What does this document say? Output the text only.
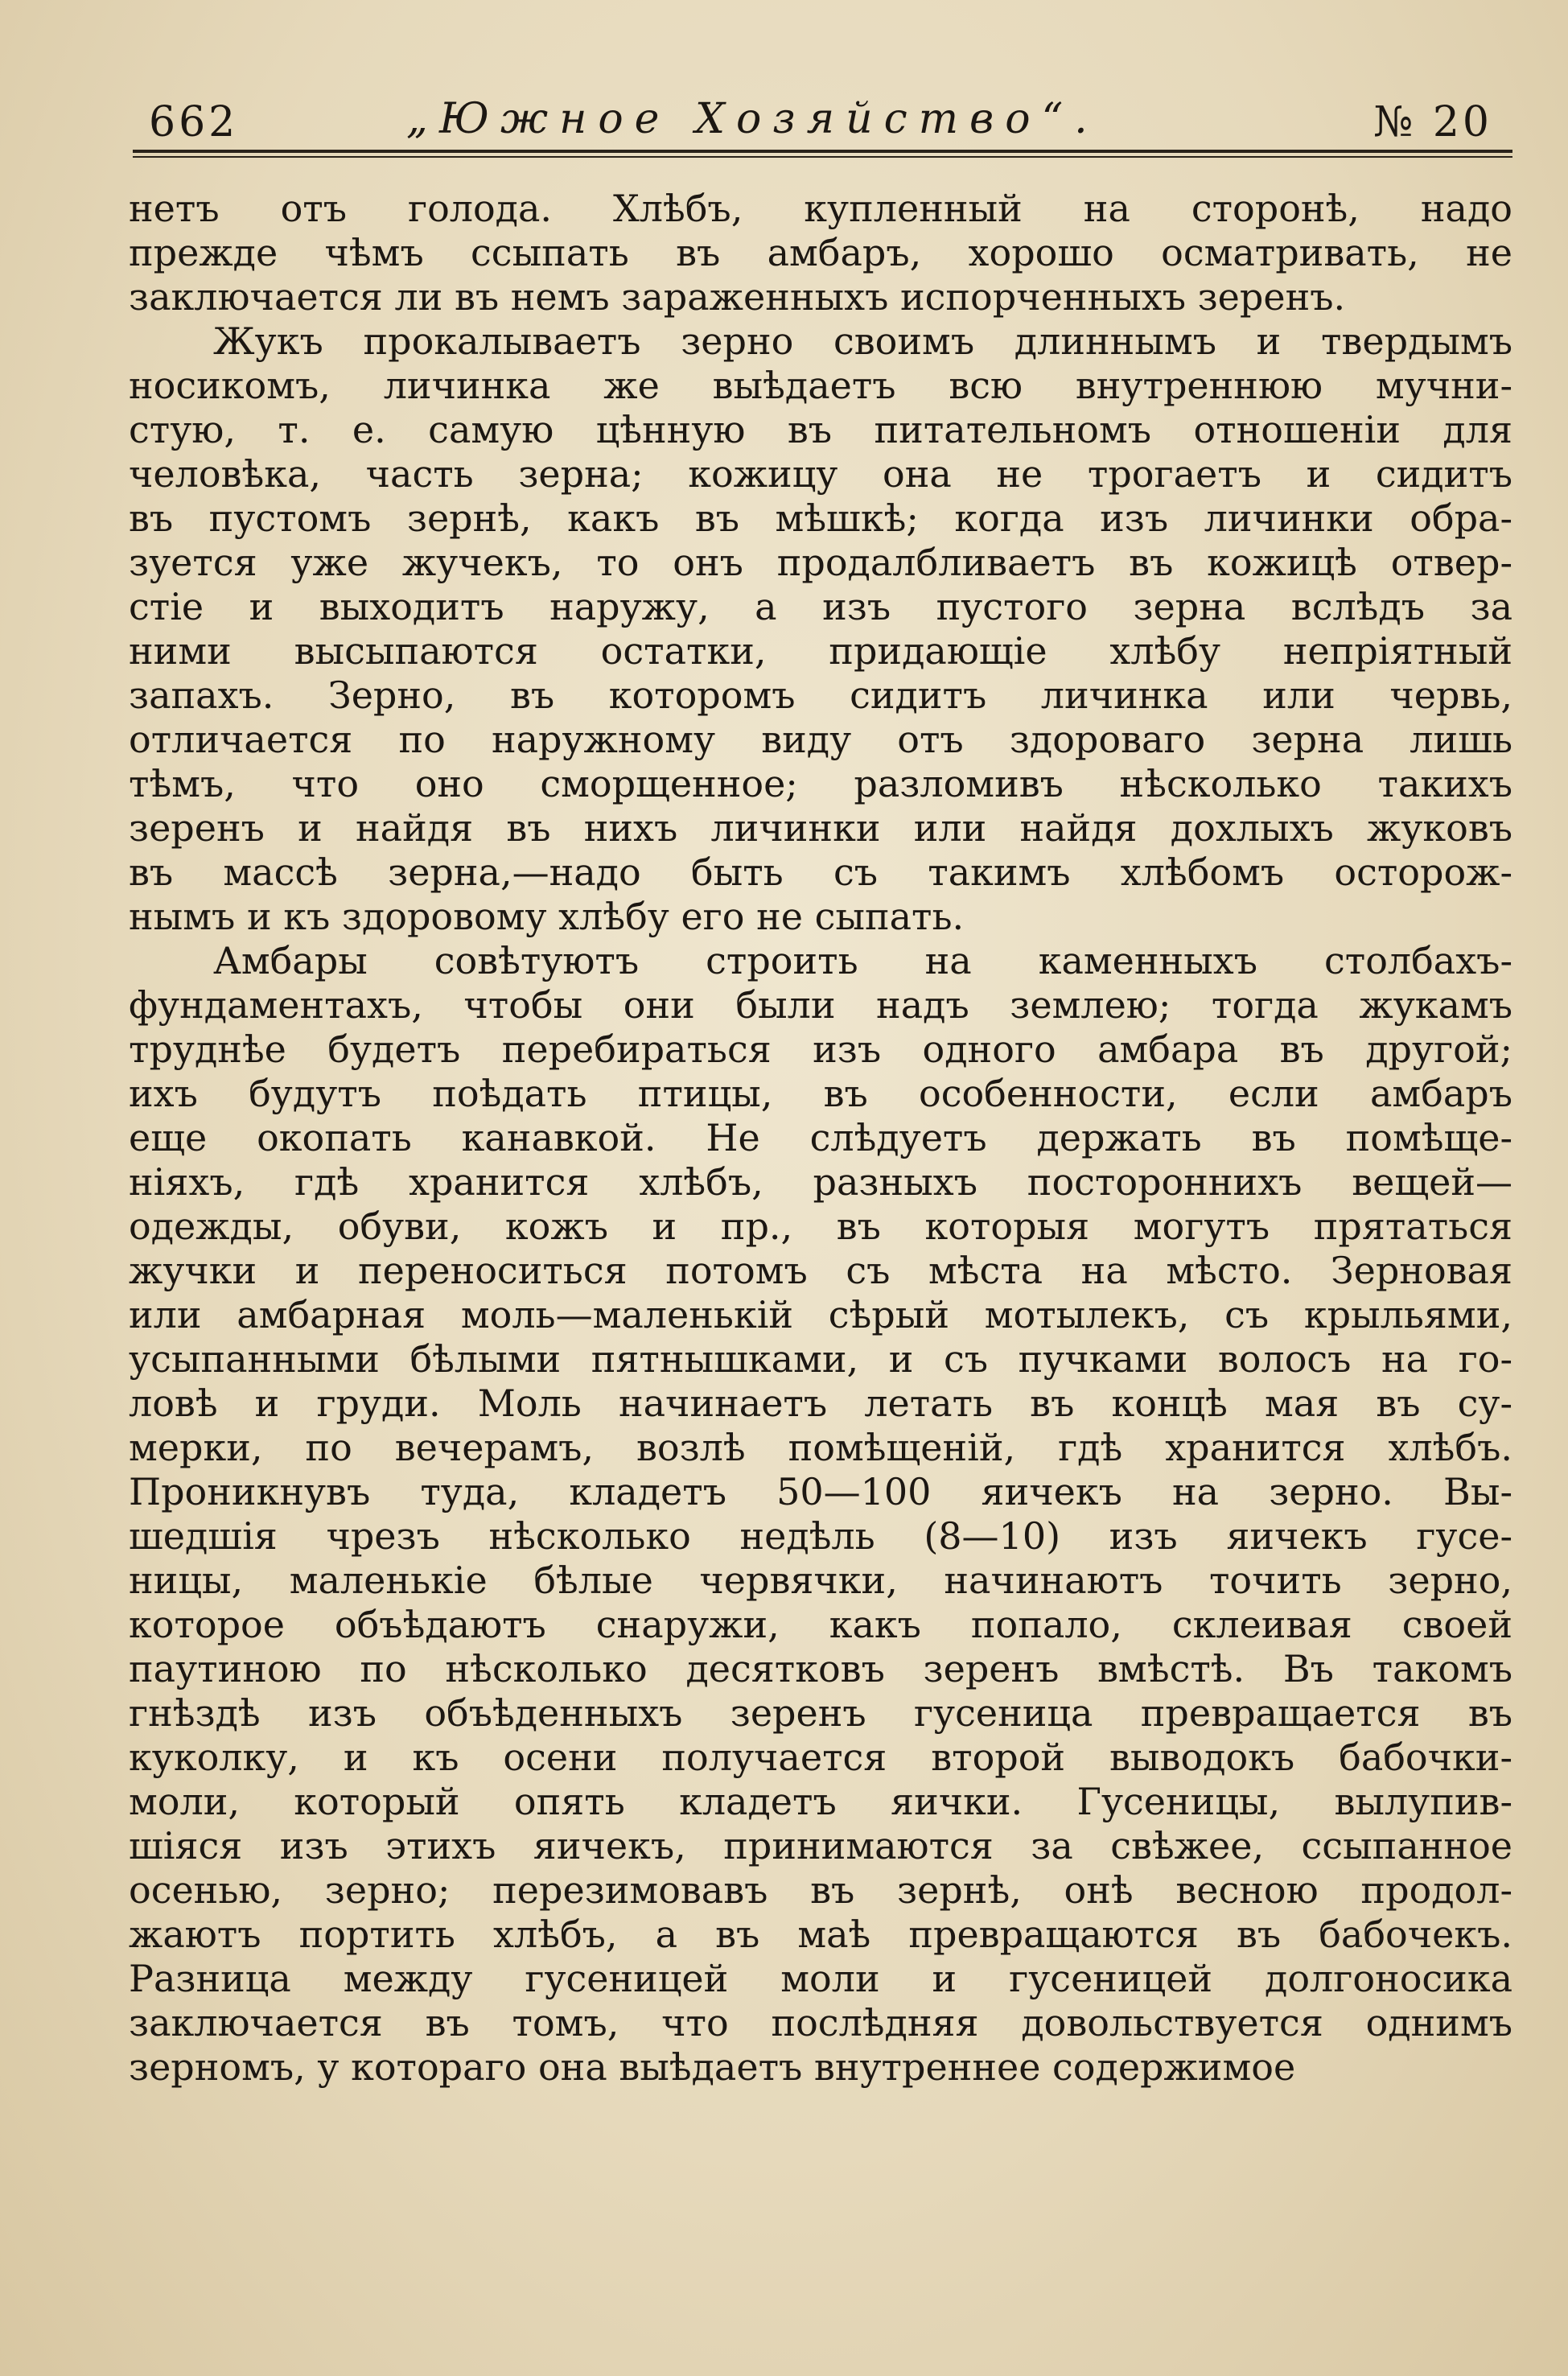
662	„Южное Хозяйство“.	№ 20
нетъ отъ голода. Хлѣбъ, купленный на сторонѣ, надо
прежде чѣмъ ссыпать въ амбаръ, хорошо осматривать, не
заключается ли въ немъ зараженныхъ испорченныхъ зеренъ.
Жукъ прокалываетъ зерно своимъ длиннымъ и твердымъ
носикомъ, личинка же выѣдаетъ всю внутреннюю мучни-
стую, т. е. самую цѣнную въ питательномъ отношеніи для
человѣка, часть зерна; кожицу она не трогаетъ и сидитъ
въ пустомъ зернѣ, какъ въ мѣшкѣ; когда изъ личинки обра-
зуется уже жучекъ, то онъ продалбливаетъ въ кожицѣ отвер-
стіе и выходитъ наружу, а изъ пустого зерна вслѣдъ за
ними высыпаются остатки, придающіе хлѣбу непріятный
запахъ. Зерно, въ которомъ сидитъ личинка или червь,
отличается по наружному виду отъ здороваго зерна лишь
тѣмъ, что оно сморщенное; разломивъ нѣсколько такихъ
зеренъ и найдя въ нихъ личинки или найдя дохлыхъ жуковъ
въ массѣ зерна,—надо быть съ такимъ хлѣбомъ осторож-
нымъ и къ здоровому хлѣбу его не сыпать.
Амбары совѣтуютъ строить на каменныхъ столбахъ-
фундаментахъ, чтобы они были надъ землею; тогда жукамъ
труднѣе будетъ перебираться изъ одного амбара въ другой;
ихъ будутъ поѣдать птицы, въ особенности, если амбаръ
еще окопать канавкой. Не слѣдуетъ держать въ помѣще-
ніяхъ, гдѣ хранится хлѣбъ, разныхъ постороннихъ вещей—
одежды, обуви, кожъ и пр., въ которыя могутъ прятаться
жучки и переноситься потомъ съ мѣста на мѣсто. Зерновая
или амбарная моль—маленькій сѣрый мотылекъ, съ крыльями,
усыпанными бѣлыми пятнышками, и съ пучками волосъ на го-
ловѣ и груди. Моль начинаетъ летать въ концѣ мая въ су-
мерки, по вечерамъ, возлѣ помѣщеній, гдѣ хранится хлѣбъ.
Проникнувъ туда, кладетъ 50—100 яичекъ на зерно. Вы-
шедшія чрезъ нѣсколько недѣль (8—10) изъ яичекъ гусе-
ницы, маленькіе бѣлые червячки, начинаютъ точить зерно,
которое объѣдаютъ снаружи, какъ попало, склеивая своей
паутиною по нѣсколько десятковъ зеренъ вмѣстѣ. Въ такомъ
гнѣздѣ изъ объѣденныхъ зеренъ гусеница превращается въ
куколку, и къ осени получается второй выводокъ бабочки-
моли, который опять кладетъ яички. Гусеницы, вылупив-
шіяся изъ этихъ яичекъ, принимаются за свѣжее, ссыпанное
осенью, зерно; перезимовавъ въ зернѣ, онѣ весною продол-
жаютъ портить хлѣбъ, а въ маѣ превращаются въ бабочекъ.
Разница между гусеницей моли и гусеницей долгоносика
заключается въ томъ, что послѣдняя довольствуется однимъ
зерномъ, у котораго она выѣдаетъ внутреннее содержимое
